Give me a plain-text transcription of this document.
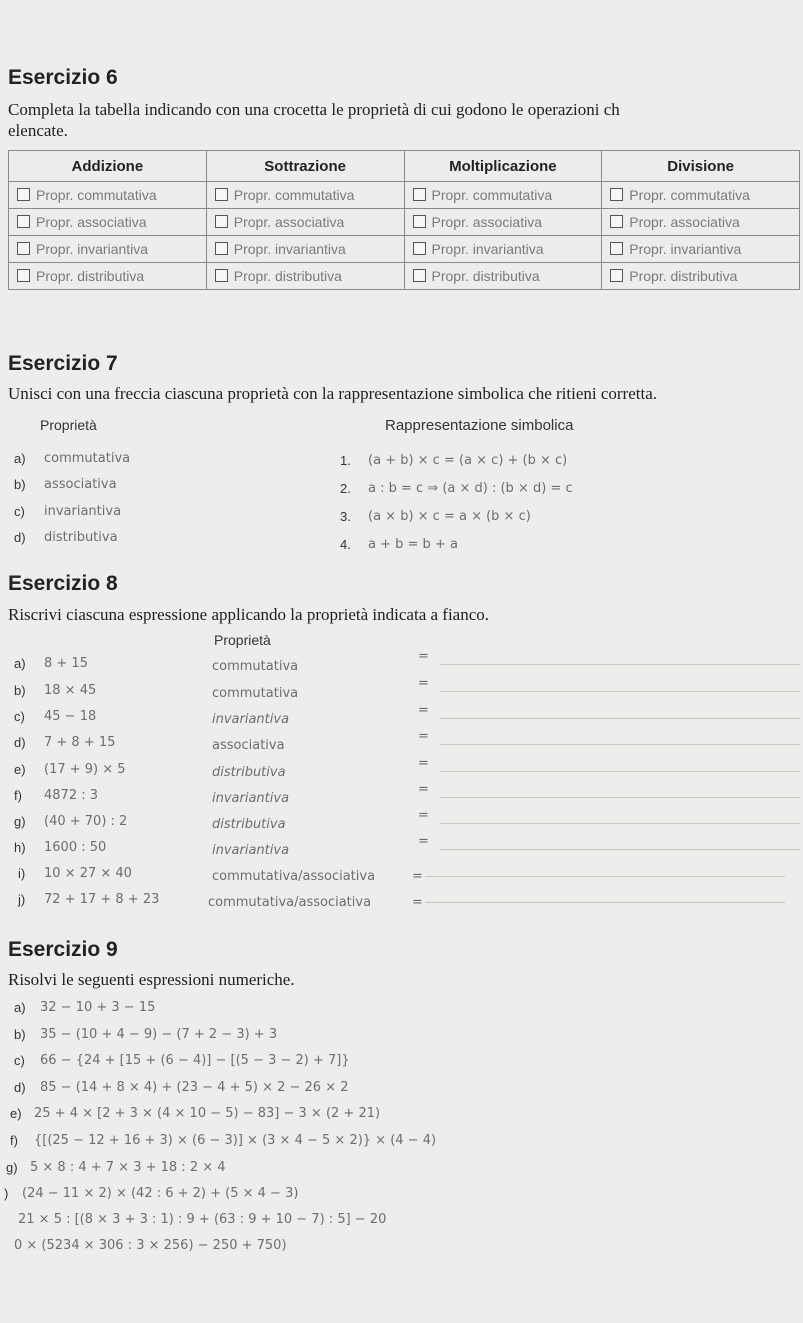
Esercizio 6
Completa la tabella indicando con una crocetta le proprietà di cui godono le operazioni ch
elencate.
Addizione	Sottrazione	Moltiplicazione	Divisione
Propr. commutativa	Propr. commutativa	Propr. commutativa	Propr. commutativa
Propr. associativa	Propr. associativa	Propr. associativa	Propr. associativa
Propr. invariantiva	Propr. invariantiva	Propr. invariantiva	Propr. invariantiva
Propr. distributiva	Propr. distributiva	Propr. distributiva	Propr. distributiva
Esercizio 7
Unisci con una freccia ciascuna proprietà con la rappresentazione simbolica che ritieni corretta.
Proprietà	Rappresentazione simbolica
a) commutativa
b) associativa
c) invariantiva
d) distributiva
1. (a + b) × c = (a × c) + (b × c)
2. a : b = c ⇒ (a × d) : (b × d) = c
3. (a × b) × c = a × (b × c)
4. a + b = b + a
Esercizio 8
Riscrivi ciascuna espressione applicando la proprietà indicata a fianco.
Proprietà
a) 8 + 15	commutativa
=
b) 18 × 45	commutativa
=
c) 45 − 18	invariantiva
=
d) 7 + 8 + 15	associativa
=
e) (17 + 9) × 5	distributiva
=
f) 4872 : 3	invariantiva
=
g) (40 + 70) : 2	distributiva
=
h) 1600 : 50	invariantiva
=
i) 10 × 27 × 40	commutativa/associativa	=
j) 72 + 17 + 8 + 23	commutativa/associativa	=
Esercizio 9
Risolvi le seguenti espressioni numeriche.
a) 32 − 10 + 3 − 15
b) 35 − (10 + 4 − 9) − (7 + 2 − 3) + 3
c) 66 − {24 + [15 + (6 − 4)] − [(5 − 3 − 2) + 7]}
d) 85 − (14 + 8 × 4) + (23 − 4 + 5) × 2 − 26 × 2
e) 25 + 4 × [2 + 3 × (4 × 10 − 5) − 83] − 3 × (2 + 21)
f) {[(25 − 12 + 16 + 3) × (6 − 3)] × (3 × 4 − 5 × 2)} × (4 − 4)
g) 5 × 8 : 4 + 7 × 3 + 18 : 2 × 4
) (24 − 11 × 2) × (42 : 6 + 2) + (5 × 4 − 3)
21 × 5 : [(8 × 3 + 3 : 1) : 9 + (63 : 9 + 10 − 7) : 5] − 20
0 × (5234 × 306 : 3 × 256) − 250 + 750)
